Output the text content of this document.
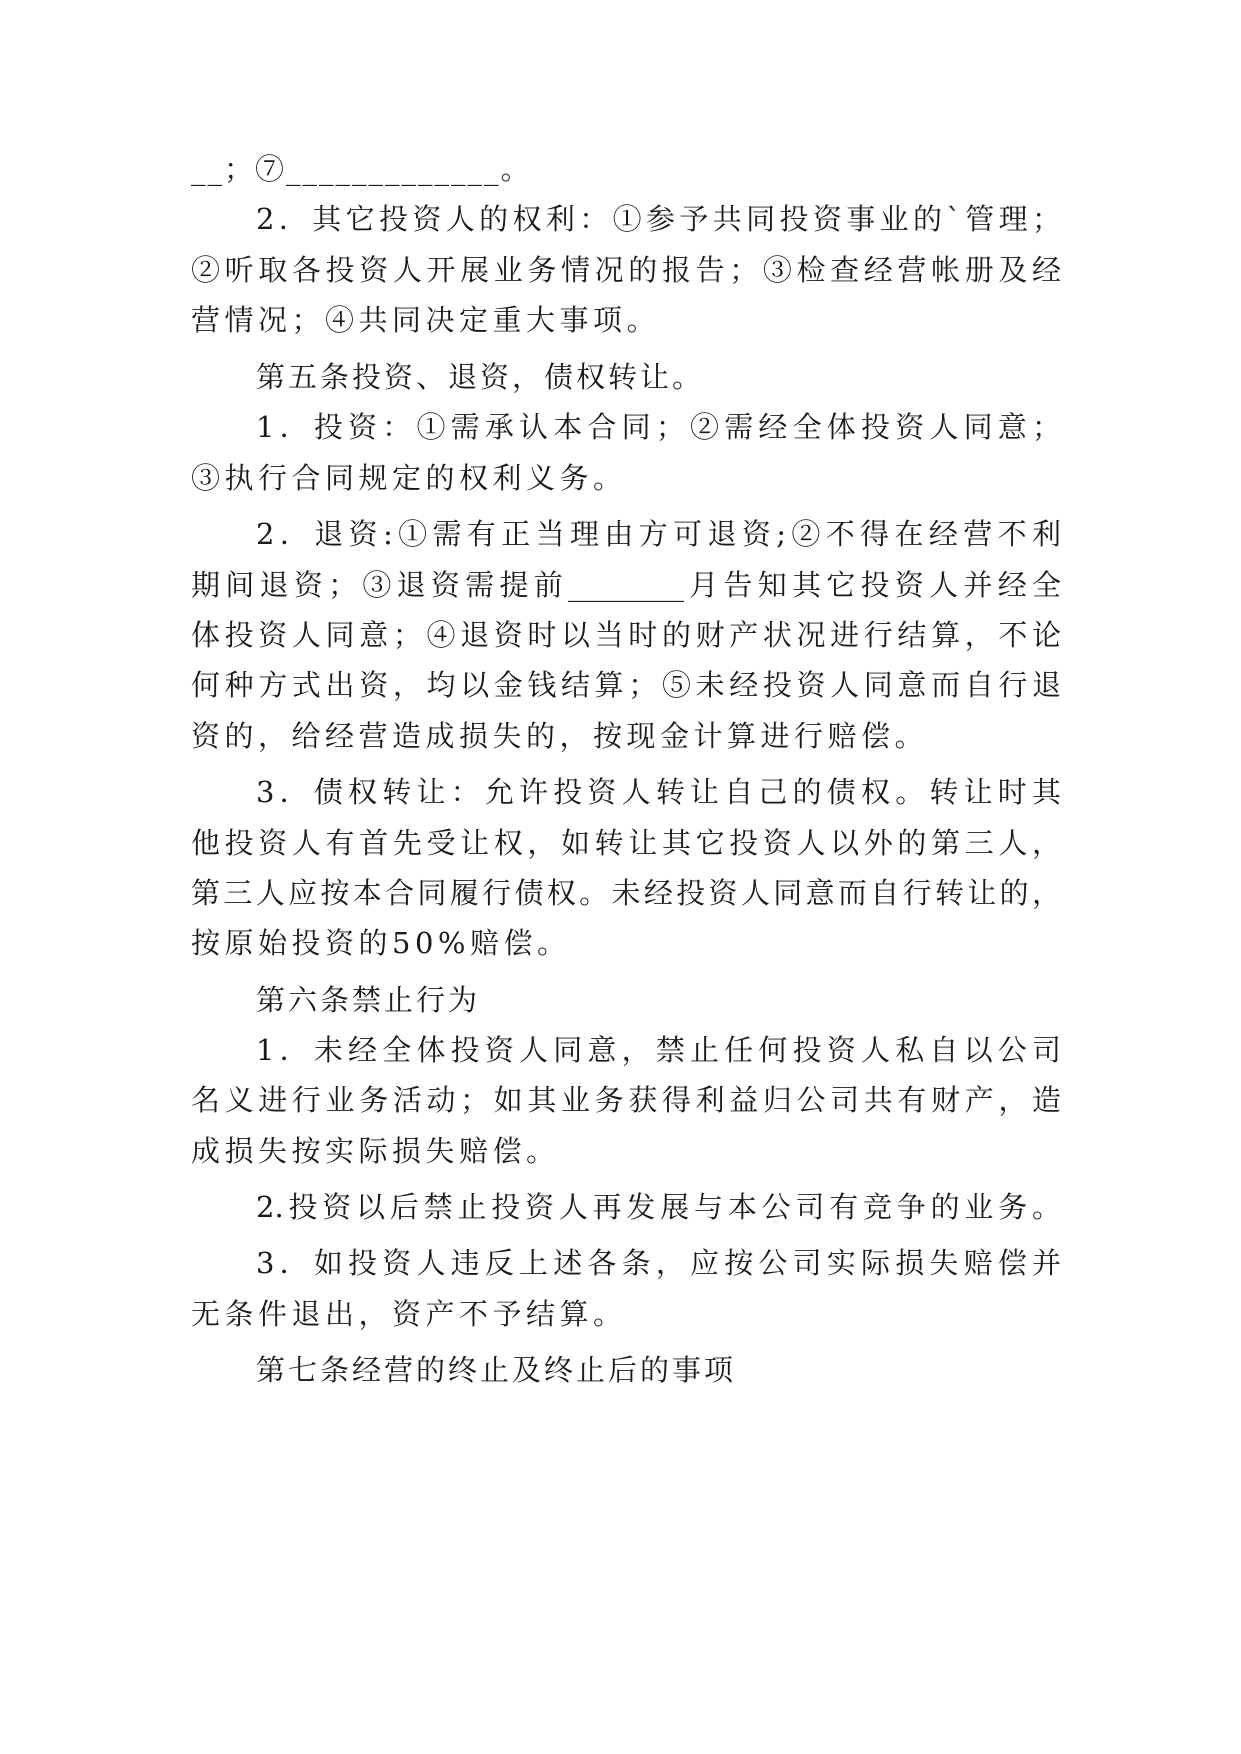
__；⑦_____________。
2．其它投资人的权利：①参予共同投资事业的`管理；
②听取各投资人开展业务情况的报告；③检查经营帐册及经
营情况；④共同决定重大事项。
第五条投资、退资，债权转让。
1．投资：①需承认本合同；②需经全体投资人同意；
③执行合同规定的权利义务。
2．退资:①需有正当理由方可退资;②不得在经营不利
期间退资；③退资需提前________月告知其它投资人并经全
体投资人同意；④退资时以当时的财产状况进行结算，不论
何种方式出资，均以金钱结算；⑤未经投资人同意而自行退
资的，给经营造成损失的，按现金计算进行赔偿。
3．债权转让：允许投资人转让自己的债权。转让时其
他投资人有首先受让权，如转让其它投资人以外的第三人，
第三人应按本合同履行债权。未经投资人同意而自行转让的，
按原始投资的50%赔偿。
第六条禁止行为
1．未经全体投资人同意，禁止任何投资人私自以公司
名义进行业务活动；如其业务获得利益归公司共有财产，造
成损失按实际损失赔偿。
2.投资以后禁止投资人再发展与本公司有竞争的业务。
3．如投资人违反上述各条，应按公司实际损失赔偿并
无条件退出，资产不予结算。
第七条经营的终止及终止后的事项
